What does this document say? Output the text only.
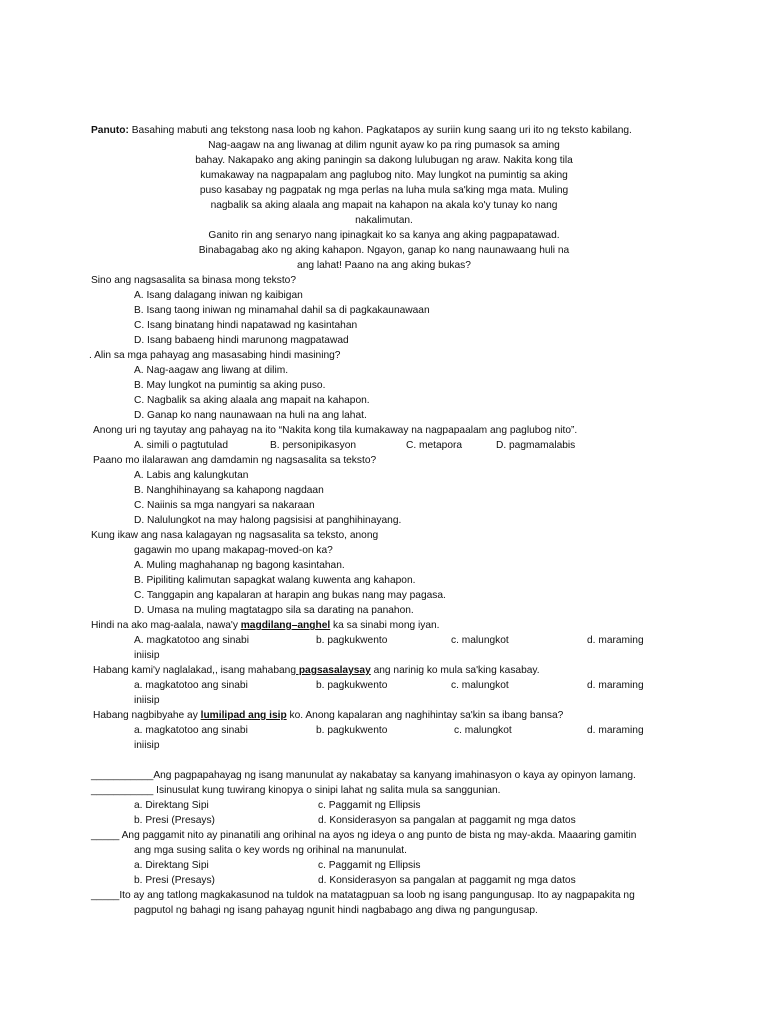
Panuto: Basahing mabuti ang tekstong nasa loob ng kahon. Pagkatapos ay suriin kung saang uri ito ng teksto kabilang.
Nag-aagaw na ang liwanag at dilim ngunit ayaw ko pa ring pumasok sa aming
bahay. Nakapako ang aking paningin sa dakong lulubugan ng araw. Nakita kong tila
kumakaway na nagpapalam ang paglubog nito. May lungkot na pumintig sa aking
puso kasabay ng pagpatak ng mga perlas na luha mula sa'king mga mata. Muling
nagbalik sa aking alaala ang mapait na kahapon na akala ko'y tunay ko nang
nakalimutan.
Ganito rin ang senaryo nang ipinagkait ko sa kanya ang aking pagpapatawad.
Binabagabag ako ng aking kahapon. Ngayon, ganap ko nang naunawaang huli na
ang lahat! Paano na ang aking bukas?
Sino ang nagsasalita sa binasa mong teksto?
A. Isang dalagang iniwan ng kaibigan
B. Isang taong iniwan ng minamahal dahil sa di pagkakaunawaan
C. Isang binatang hindi napatawad ng kasintahan
D. Isang babaeng hindi marunong magpatawad
. Alin sa mga pahayag ang masasabing hindi masining?
A. Nag-aagaw ang liwang at dilim.
B. May lungkot na pumintig sa aking puso.
C. Nagbalik sa aking alaala ang mapait na kahapon.
D. Ganap ko nang naunawaan na huli na ang lahat.
Anong uri ng tayutay ang pahayag na ito “Nakita kong tila kumakaway na nagpapaalam ang paglubog nito”.
A. simili o pagtutulad	B. personipikasyon	C. metapora	D. pagmamalabis
Paano mo ilalarawan ang damdamin ng nagsasalita sa teksto?
A. Labis ang kalungkutan
B. Nanghihinayang sa kahapong nagdaan
C. Naiinis sa mga nangyari sa nakaraan
D. Nalulungkot na may halong pagsisisi at panghihinayang.
Kung ikaw ang nasa kalagayan ng nagsasalita sa teksto, anong
gagawin mo upang makapag-moved-on ka?
A. Muling maghahanap ng bagong kasintahan.
B. Pipiliting kalimutan sapagkat walang kuwenta ang kahapon.
C. Tanggapin ang kapalaran at harapin ang bukas nang may pagasa.
D. Umasa na muling magtatagpo sila sa darating na panahon.
Hindi na ako mag-aalala, nawa'y magdilang–anghel ka sa sinabi mong iyan.
A. magkatotoo ang sinabi	b. pagkukwento	c. malungkot	d. maraming
iniisip
Habang kami'y naglalakad,, isang mahabang pagsasalaysay ang narinig ko mula sa'king kasabay.
a. magkatotoo ang sinabi	b. pagkukwento	c. malungkot	d. maraming
iniisip
Habang nagbibyahe ay lumilipad ang isip ko. Anong kapalaran ang naghihintay sa'kin sa ibang bansa?
a. magkatotoo ang sinabi	b. pagkukwento	c. malungkot	d. maraming
iniisip
___________Ang pagpapahayag ng isang manunulat ay nakabatay sa kanyang imahinasyon o kaya ay opinyon lamang.
___________ Isinusulat kung tuwirang kinopya o sinipi lahat ng salita mula sa sanggunian.
a. Direktang Sipi	c. Paggamit ng Ellipsis
b. Presi (Presays)	d. Konsiderasyon sa pangalan at paggamit ng mga datos
_____ Ang paggamit nito ay pinanatili ang orihinal na ayos ng ideya o ang punto de bista ng may-akda. Maaaring gamitin
ang mga susing salita o key words ng orihinal na manunulat.
a. Direktang Sipi	c. Paggamit ng Ellipsis
b. Presi (Presays)	d. Konsiderasyon sa pangalan at paggamit ng mga datos
_____Ito ay ang tatlong magkakasunod na tuldok na matatagpuan sa loob ng isang pangungusap. Ito ay nagpapakita ng
pagputol ng bahagi ng isang pahayag ngunit hindi nagbabago ang diwa ng pangungusap.
